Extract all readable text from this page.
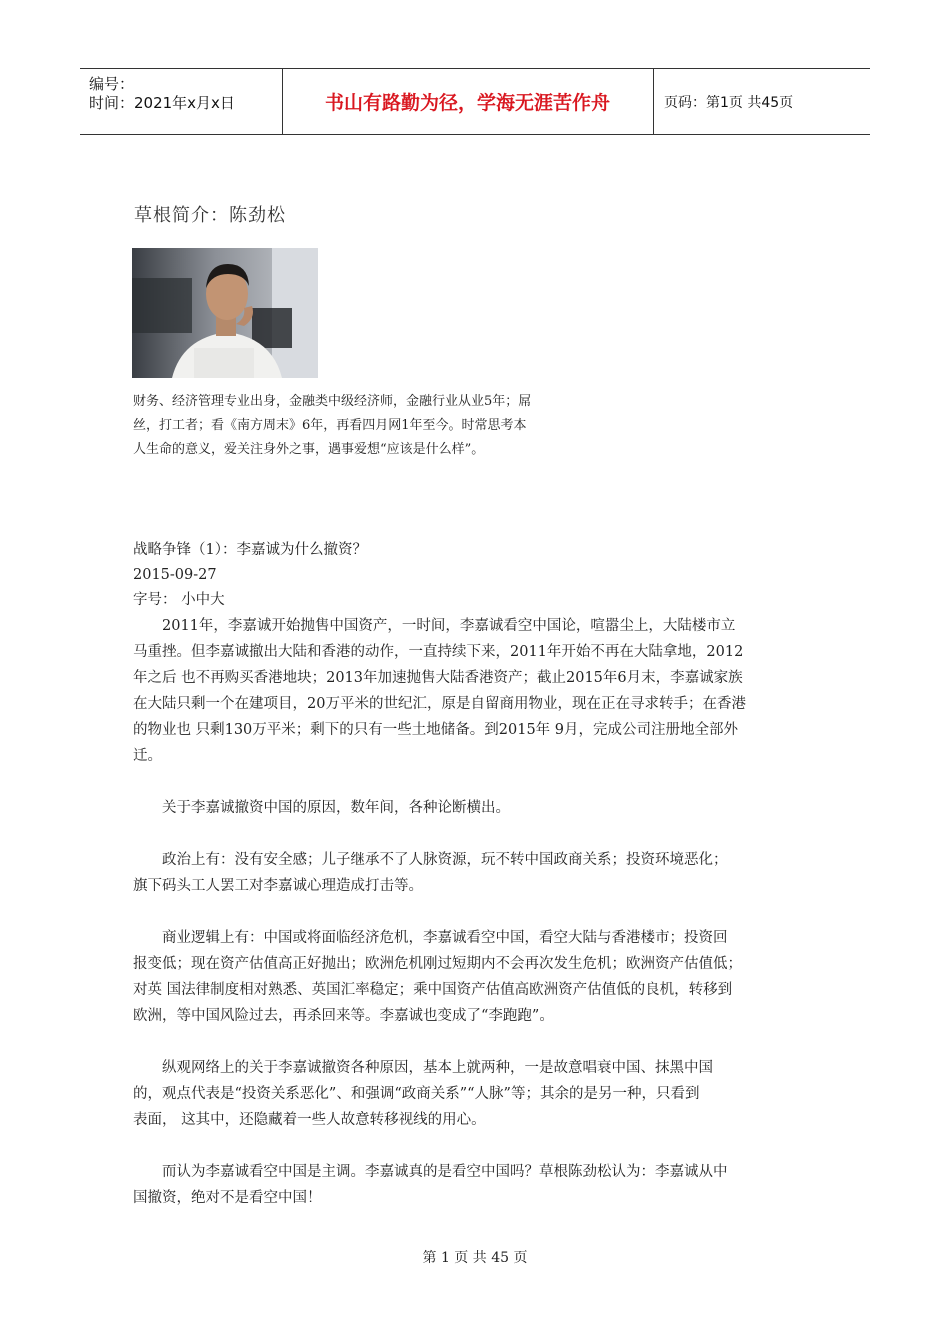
编号：
时间：2021年x月x日	书山有路勤为径，学海无涯苦作舟	页码：第1页 共45页
草根简介：陈劲松
财务、经济管理专业出身，金融类中级经济师，金融行业从业5年；屌
丝，打工者；看《南方周末》6年，再看四月网1年至今。时常思考本
人生命的意义，爱关注身外之事，遇事爱想“应该是什么样”。
战略争锋（1）：李嘉诚为什么撤资？
2015-09-27
字号： 小中大

　　2011年，李嘉诚开始抛售中国资产，一时间，李嘉诚看空中国论，喧嚣尘上，大陆楼市立
马重挫。但李嘉诚撤出大陆和香港的动作，一直持续下来，2011年开始不再在大陆拿地，2012
年之后 也不再购买香港地块；2013年加速抛售大陆香港资产；截止2015年6月末，李嘉诚家族
在大陆只剩一个在建项目，20万平米的世纪汇，原是自留商用物业，现在正在寻求转手；在香港
的物业也 只剩130万平米；剩下的只有一些土地储备。到2015年 9月，完成公司注册地全部外
迁。

　　关于李嘉诚撤资中国的原因，数年间，各种论断横出。

　　政治上有：没有安全感；儿子继承不了人脉资源，玩不转中国政商关系；投资环境恶化；
旗下码头工人罢工对李嘉诚心理造成打击等。

　　商业逻辑上有：中国或将面临经济危机，李嘉诚看空中国，看空大陆与香港楼市；投资回
报变低；现在资产估值高正好抛出；欧洲危机刚过短期内不会再次发生危机；欧洲资产估值低；
对英 国法律制度相对熟悉、英国汇率稳定；乘中国资产估值高欧洲资产估值低的良机，转移到
欧洲，等中国风险过去，再杀回来等。李嘉诚也变成了“李跑跑”。

　　纵观网络上的关于李嘉诚撤资各种原因，基本上就两种，一是故意唱衰中国、抹黑中国
的，观点代表是“投资关系恶化”、和强调“政商关系”“人脉”等；其余的是另一种，只看到
表面， 这其中，还隐藏着一些人故意转移视线的用心。

　　而认为李嘉诚看空中国是主调。李嘉诚真的是看空中国吗？草根陈劲松认为：李嘉诚从中
国撤资，绝对不是看空中国！

第 1 页 共 45 页
